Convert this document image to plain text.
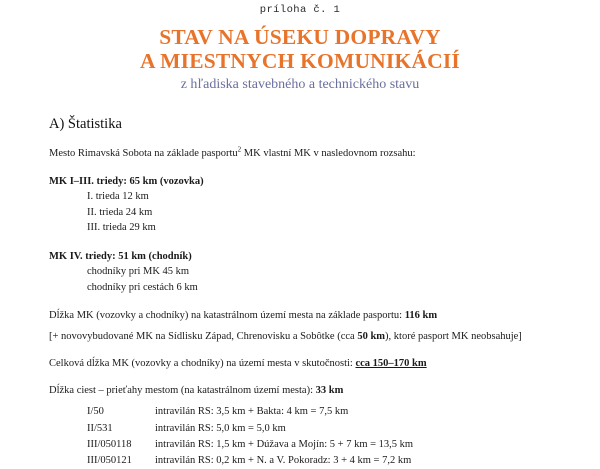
príloha č. 1
STAV NA ÚSEKU DOPRAVY
A MIESTNYCH KOMUNIKÁCIÍ
z hľadiska stavebného a technického stavu
A) Štatistika

Mesto Rimavská Sobota na základe pasportu$^2$ MK vlastní MK v nasledovnom rozsahu:

MK I–III. triedy: 65 km (vozovka)

I. trieda 12 km

II. trieda 24 km

III. trieda 29 km

MK IV. triedy: 51 km (chodník)

chodníky pri MK 45 km

chodníky pri cestách 6 km

Dĺžka MK (vozovky a chodníky) na katastrálnom území mesta na základe pasportu: 116 km

[+ novovybudované MK na Sídlisku Západ, Chrenovisku a Sobôtke (cca 50 km), ktoré pasport MK neobsahuje]

Celková dĺžka MK (vozovky a chodníky) na území mesta v skutočnosti: cca 150–170 km

Dĺžka ciest – prieťahy mestom (na katastrálnom území mesta): 33 km

I/50	intravilán RS: 3,5 km + Bakta: 4 km = 7,5 km
II/531	intravilán RS: 5,0 km = 5,0 km
III/050118	intravilán RS: 1,5 km + Dúžava a Mojín: 5 + 7 km = 13,5 km
III/050121	intravilán RS: 0,2 km + N. a V. Pokoradz: 3 + 4 km = 7,2 km
